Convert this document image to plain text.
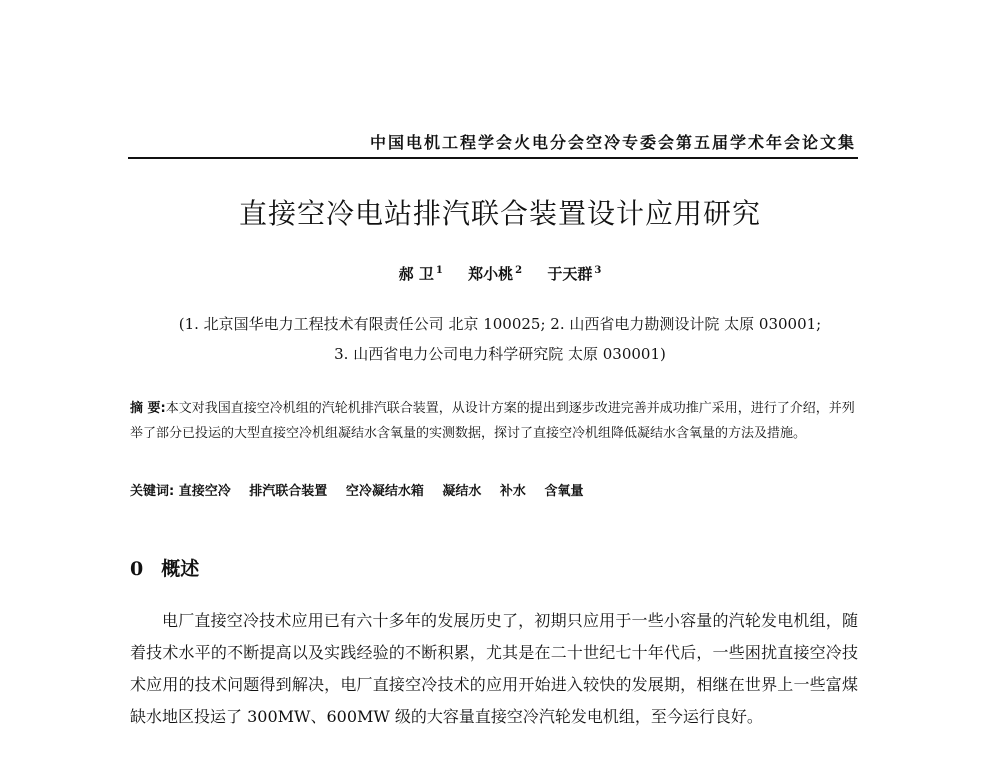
中国电机工程学会火电分会空冷专委会第五届学术年会论文集
直接空冷电站排汽联合装置设计应用研究
郝 卫 $^1$ 郑小桃 $^2$ 于天群 $^3$
(1. 北京国华电力工程技术有限责任公司 北京 100025; 2. 山西省电力勘测设计院 太原 030001;
3. 山西省电力公司电力科学研究院 太原 030001)
摘 要:本文对我国直接空冷机组的汽轮机排汽联合装置，从设计方案的提出到逐步改进完善并成功推广采用，进行了介绍，并列举了部分已投运的大型直接空冷机组凝结水含氧量的实测数据，探讨了直接空冷机组降低凝结水含氧量的方法及措施。
关键词: 直接空冷 排汽联合装置 空冷凝结水箱 凝结水 补水 含氧量
0 概述
电厂直接空冷技术应用已有六十多年的发展历史了，初期只应用于一些小容量的汽轮发电机组，随着技术水平的不断提高以及实践经验的不断积累，尤其是在二十世纪七十年代后，一些困扰直接空冷技术应用的技术问题得到解决，电厂直接空冷技术的应用开始进入较快的发展期，相继在世界上一些富煤缺水地区投运了 300MW、600MW 级的大容量直接空冷汽轮发电机组，至今运行良好。
